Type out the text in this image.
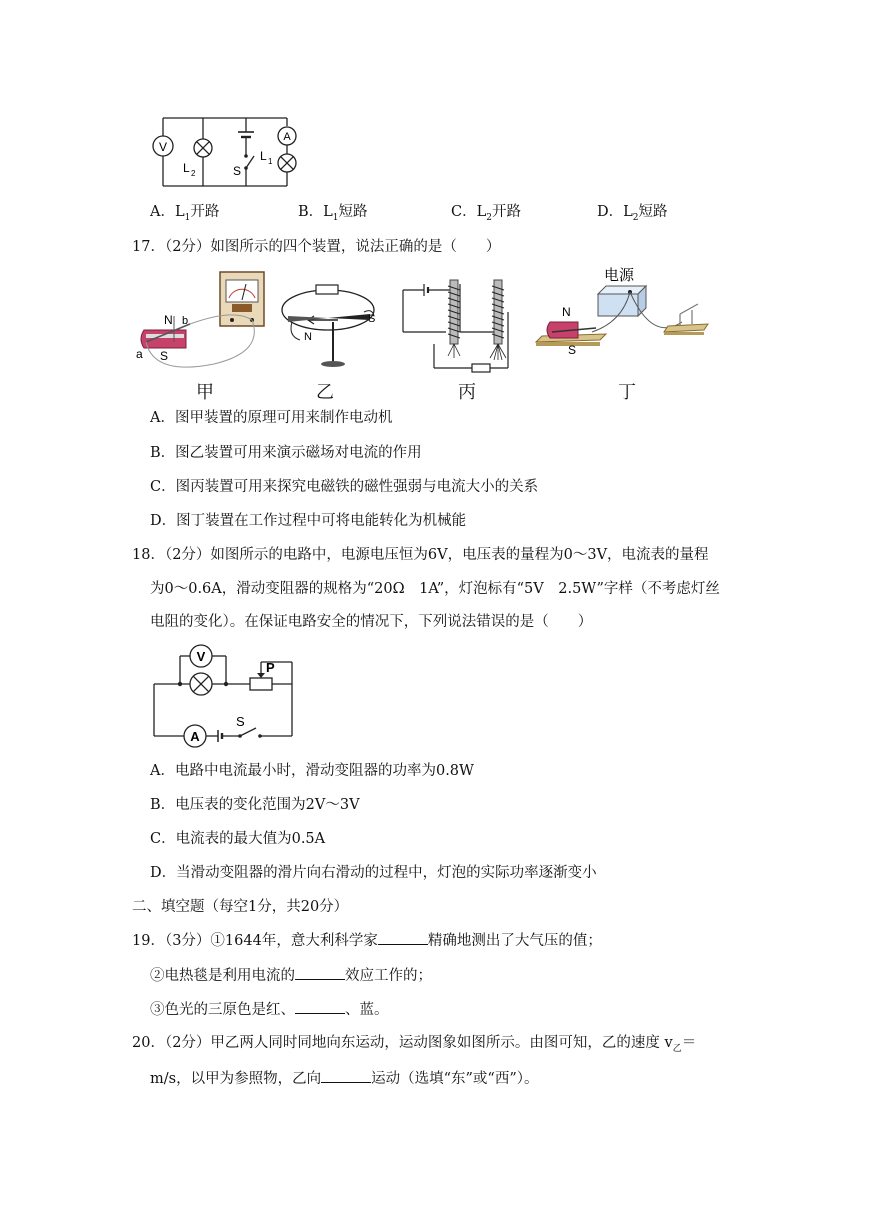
V
A
L 2
L 1
S
A．$L_1$开路	B．$L_1$短路	C．$L_2$开路	D．$L_2$短路
17．（2分）如图所示的四个装置，说法正确的是（　　）
N b
a S
甲
N
S
乙	丙
电源
N
S
丁
A．图甲装置的原理可用来制作电动机
B．图乙装置可用来演示磁场对电流的作用
C．图丙装置可用来探究电磁铁的磁性强弱与电流大小的关系
D．图丁装置在工作过程中可将电能转化为机械能
18．（2分）如图所示的电路中，电源电压恒为6V，电压表的量程为0～3V，电流表的量程
为0～0.6A，滑动变阻器的规格为“20Ω　1A”，灯泡标有“5V　2.5W”字样（不考虑灯丝
电阻的变化）。在保证电路安全的情况下，下列说法错误的是（　　）
V
P
A
S
A．电路中电流最小时，滑动变阻器的功率为0.8W
B．电压表的变化范围为2V～3V
C．电流表的最大值为0.5A
D．当滑动变阻器的滑片向右滑动的过程中，灯泡的实际功率逐渐变小
二、填空题（每空1分，共20分）
19．（3分）①1644年，意大利科学家	精确地测出了大气压的值；
②电热毯是利用电流的	效应工作的；
③色光的三原色是红、	、蓝。
20．（2分）甲乙两人同时同地向东运动，运动图象如图所示。由图可知，乙的速度 $v_乙=$
m/s，以甲为参照物，乙向	运动（选填“东”或“西”）。
